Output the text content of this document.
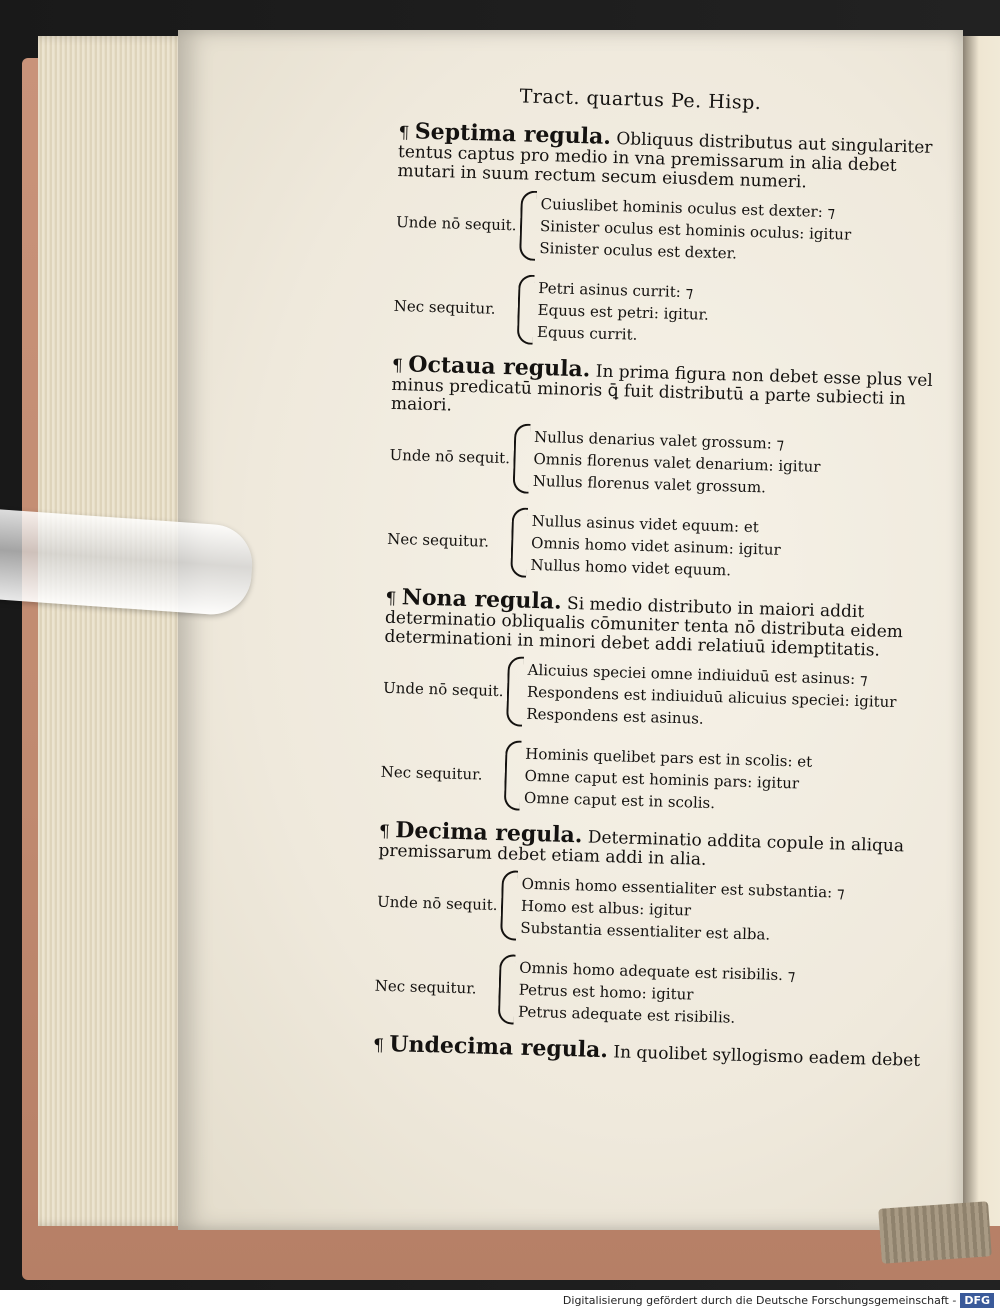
Tract. quartus Pe. Hisp.
¶ Septima regula. Obliquus distributus aut singulariter tentus captus pro medio in vna premissarum in alia debet mutari in suum rectum secum eiusdem numeri.
Unde nō sequit.
Cuiuslibet hominis oculus est dexter: ⁊
Sinister oculus est hominis oculus: igitur
Sinister oculus est dexter.
Nec sequitur.
Petri asinus currit: ⁊
Equus est petri: igitur.
Equus currit.
¶ Octaua regula. In prima figura non debet esse plus vel minus predicatū minoris ꝗ̄ fuit distributū a parte subiecti in maiori.
Unde nō sequit.
Nullus denarius valet grossum: ⁊
Omnis florenus valet denarium: igitur
Nullus florenus valet grossum.
Nec sequitur.
Nullus asinus videt equum: et
Omnis homo videt asinum: igitur
Nullus homo videt equum.
¶ Nona regula. Si medio distributo in maiori addit determinatio obliqualis cōmuniter tenta nō distributa eidem determinationi in minori debet addi relatiuū idemptitatis.
Unde nō sequit.
Alicuius speciei omne indiuiduū est asinus: ⁊
Respondens est indiuiduū alicuius speciei: igitur
Respondens est asinus.
Nec sequitur.
Hominis quelibet pars est in scolis: et
Omne caput est hominis pars: igitur
Omne caput est in scolis.
¶ Decima regula. Determinatio addita copule in aliqua premissarum debet etiam addi in alia.
Unde nō sequit.
Omnis homo essentialiter est substantia: ⁊
Homo est albus: igitur
Substantia essentialiter est alba.
Nec sequitur.
Omnis homo adequate est risibilis. ⁊
Petrus est homo: igitur
Petrus adequate est risibilis.
¶ Undecima regula. In quolibet syllogismo eadem debet
Digitalisierung gefördert durch die Deutsche Forschungsgemeinschaft - DFG
